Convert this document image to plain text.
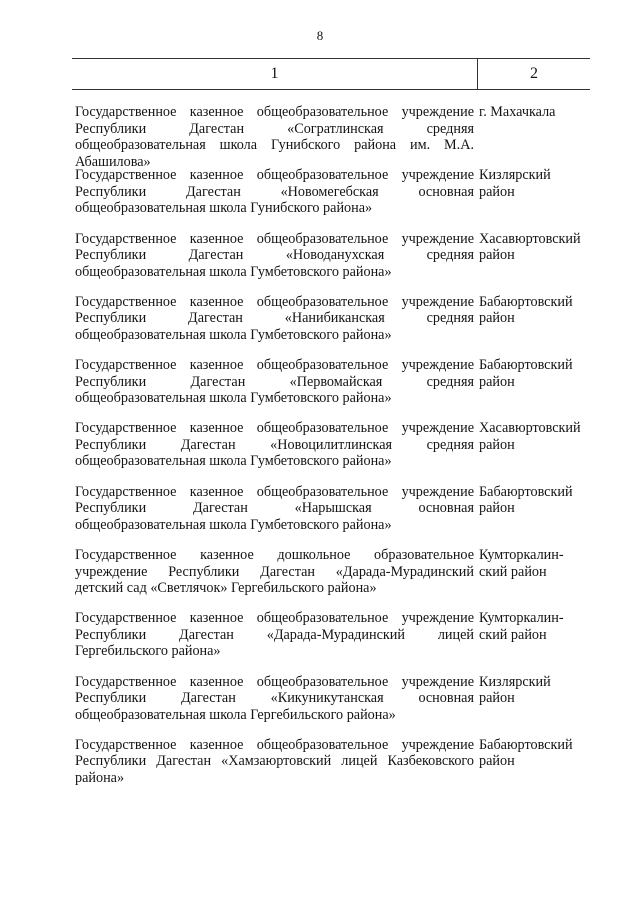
8
1	2
Государственное казенное общеобразовательное учреждение Республики Дагестан «Согратлинская средняя общеобразовательная школа Гунибского района им. М.А. Абашилова»
г. Махачкала
Государственное казенное общеобразовательное учреждение Республики Дагестан «Новомегебская основная общеобразовательная школа Гунибского района»
Кизлярский
район
Государственное казенное общеобразовательное учреждение Республики Дагестан «Новоданухская средняя общеобразовательная школа Гумбетовского района»
Хасавюртовский
район
Государственное казенное общеобразовательное учреждение Республики Дагестан «Нанибиканская средняя общеобразовательная школа Гумбетовского района»
Бабаюртовский
район
Государственное казенное общеобразовательное учреждение Республики Дагестан «Первомайская средняя общеобразовательная школа Гумбетовского района»
Бабаюртовский
район
Государственное казенное общеобразовательное учреждение Республики Дагестан «Новоцилитлинская средняя общеобразовательная школа Гумбетовского района»
Хасавюртовский
район
Государственное казенное общеобразовательное учреждение Республики Дагестан «Нарышская основная общеобразовательная школа Гумбетовского района»
Бабаюртовский
район
Государственное казенное дошкольное образовательное учреждение Республики Дагестан «Дарада-Мурадинский детский сад «Светлячок» Гергебильского района»
Кумторкалин-
ский район
Государственное казенное общеобразовательное учреждение Республики Дагестан «Дарада-Мурадинский лицей Гергебильского района»
Кумторкалин-
ский район
Государственное казенное общеобразовательное учреждение Республики Дагестан «Кикуникутанская основная общеобразовательная школа Гергебильского района»
Кизлярский
район
Государственное казенное общеобразовательное учреждение Республики Дагестан «Хамзаюртовский лицей Казбековского района»
Бабаюртовский
район
